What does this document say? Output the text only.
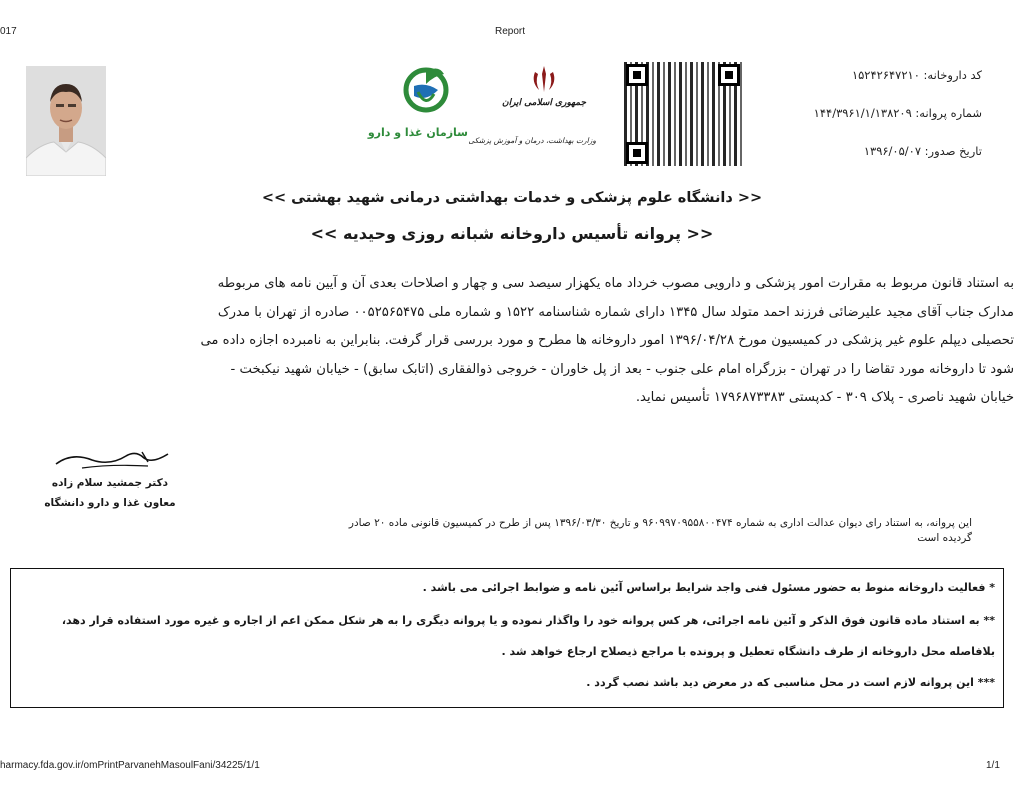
017	Report
سازمان غذا و دارو
جمهوری اسلامی ایران
وزارت بهداشت، درمان و آموزش پزشکی
کد داروخانه: ۱۵۲۴۲۶۴۷۲۱۰
شماره پروانه: ۱۴۴/۳۹۶۱/۱/۱۳۸۲۰۹
تاریخ صدور: ۱۳۹۶/۰۵/۰۷
<< دانشگاه علوم پزشکی و خدمات بهداشتی درمانی شهید بهشتی >>
<< پروانه تأسیس داروخانه شبانه روزی وحیدیه >>

به استناد قانون مربوط به مقرارت امور پزشکی و دارویی مصوب خرداد ماه یکهزار سیصد سی و چهار و اصلاحات بعدی آن و آیین نامه های مربوطه

مدارک جناب آقای مجید علیرضائی فرزند احمد متولد سال ۱۳۴۵ دارای شماره شناسنامه ۱۵۲۲ و شماره ملی ۰۰۵۲۵۶۵۴۷۵ صادره از تهران با مدرک

تحصیلی دیپلم علوم غیر پزشکی در کمیسیون مورخ ۱۳۹۶/۰۴/۲۸ امور داروخانه ها مطرح و مورد بررسی قرار گرفت. بنابراین به نامبرده اجازه داده می

شود تا داروخانه مورد تقاضا را در تهران - بزرگراه امام علی جنوب - بعد از پل خاوران - خروجی ذوالفقاری (اتابک سابق) - خیابان شهید نیکبخت -

خیابان شهید ناصری - پلاک ۳۰۹ - کدپستی ۱۷۹۶۸۷۳۳۸۳ تأسیس نماید.

دکتر جمشید سلام زاده
معاون غذا و دارو دانشگاه
این پروانه، به استناد رای دیوان عدالت اداری به شماره ۹۶۰۹۹۷۰۹۵۵۸۰۰۴۷۴ و تاریخ ۱۳۹۶/۰۳/۳۰ پس از طرح در کمیسیون قانونی ماده ۲۰ صادر
گردیده است

* فعالیت داروخانه منوط به حضور مسئول فنی واجد شرایط براساس آئین نامه و ضوابط اجرائی می باشد .

** به استناد ماده قانون فوق الذکر و آئین نامه اجرائی، هر کس پروانه خود را واگذار نموده و یا پروانه دیگری را به هر شکل ممکن اعم از اجاره و غیره مورد استفاده قرار دهد،

بلافاصله محل داروخانه از طرف دانشگاه تعطیل و پرونده با مراجع ذیصلاح ارجاع خواهد شد .

*** این پروانه لازم است در محل مناسبی که در معرض دید باشد نصب گردد .

harmacy.fda.gov.ir/omPrintParvanehMasoulFani/34225/1/1	1/1
